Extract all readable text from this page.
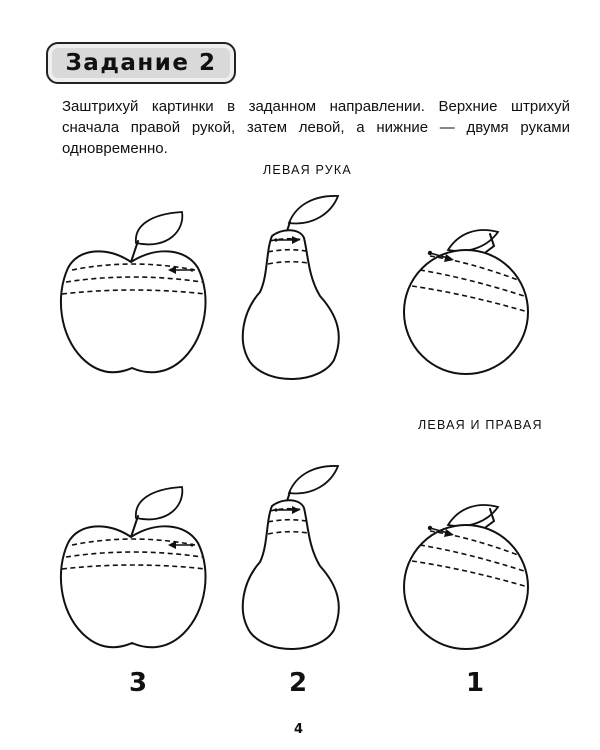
Задание 2

Заштрихуй картинки в заданном направлении. Верхние штрихуй сначала правой рукой, затем левой, а нижние — двумя руками одновременно.

ЛЕВАЯ РУКА
ЛЕВАЯ И ПРАВАЯ
3	2	1
4
